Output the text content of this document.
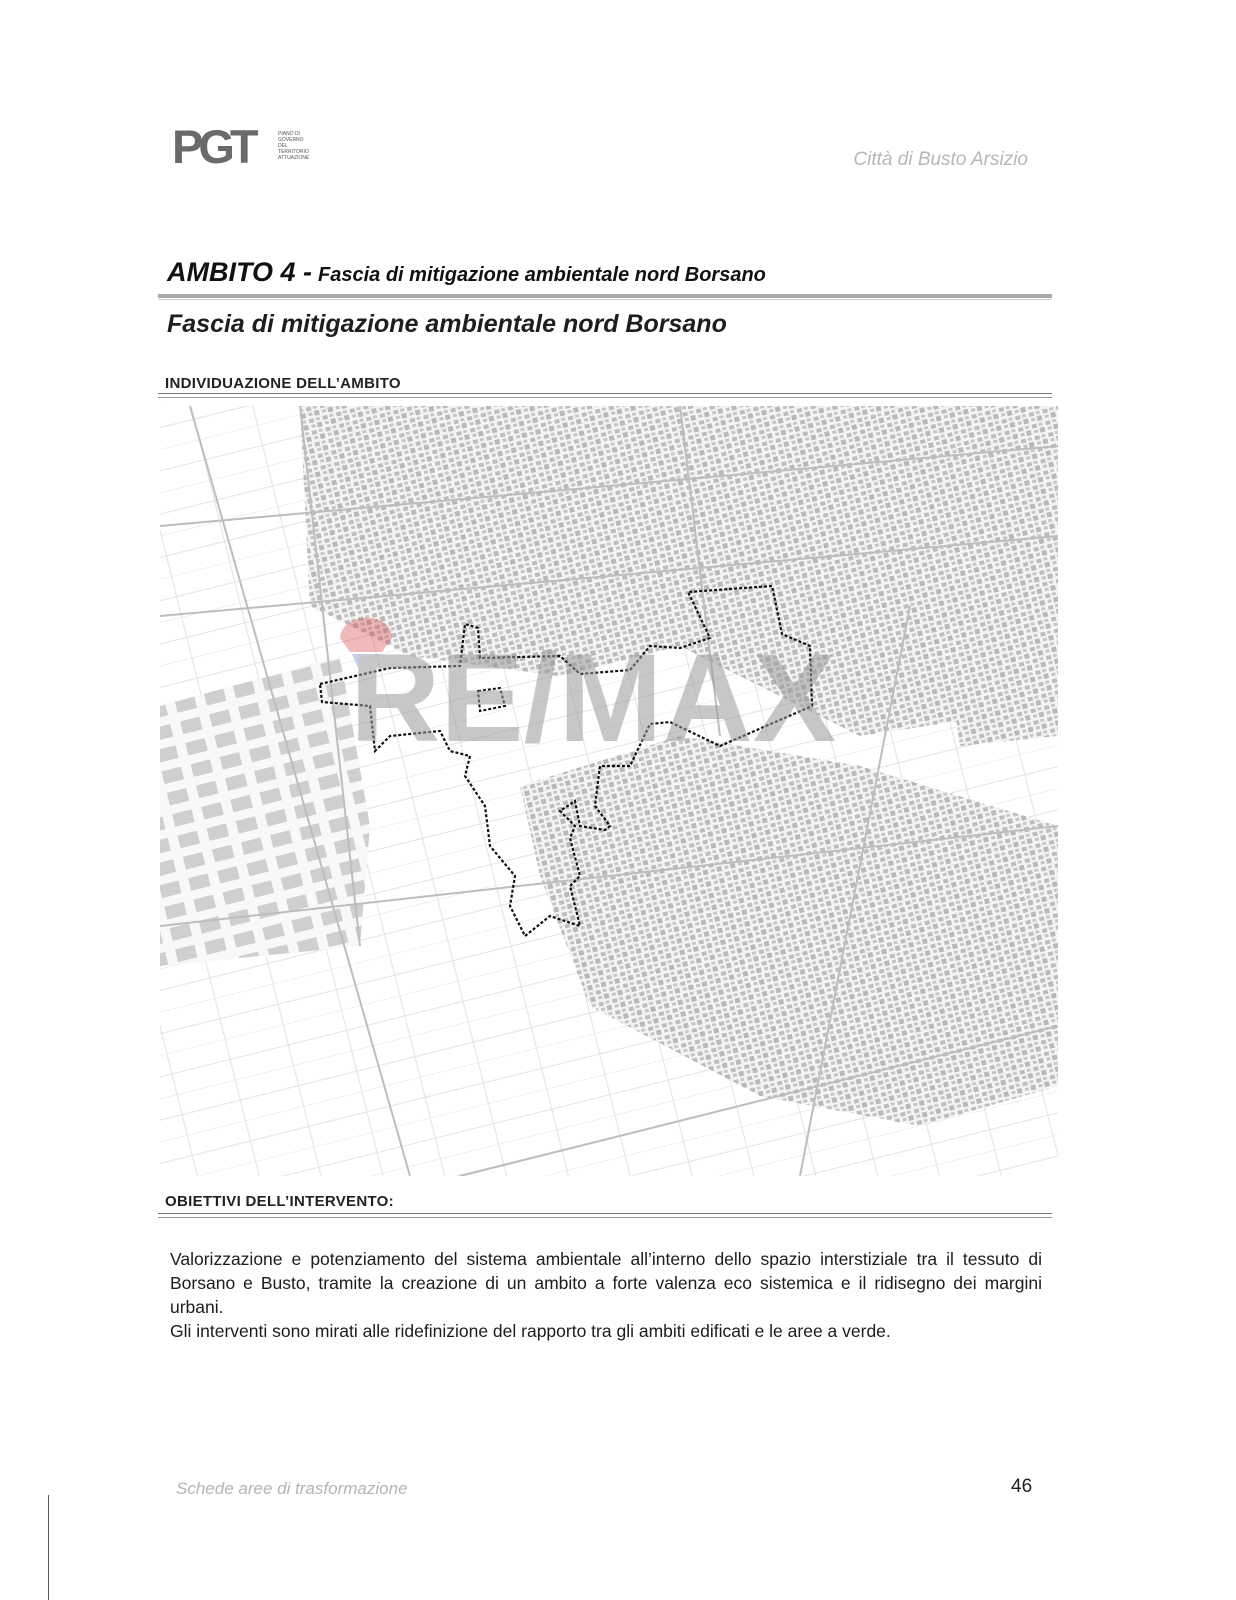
PGT	PIANO DI GOVERNO
DEL TERRITORIO
ATTUAZIONE	Città di Busto Arsizio
AMBITO 4 - Fascia di mitigazione ambientale nord Borsano
Fascia di mitigazione ambientale nord Borsano
INDIVIDUAZIONE DELL’AMBITO
RE/MAX
OBIETTIVI DELL’INTERVENTO:

Valorizzazione e potenziamento del sistema ambientale all’interno dello spazio interstiziale tra il tessuto di Borsano e Busto, tramite la creazione di un ambito a forte valenza eco sistemica e il ridisegno dei margini urbani.

Gli interventi sono mirati alle ridefinizione del rapporto tra gli ambiti edificati e le aree a verde.

Schede aree di trasformazione	46
